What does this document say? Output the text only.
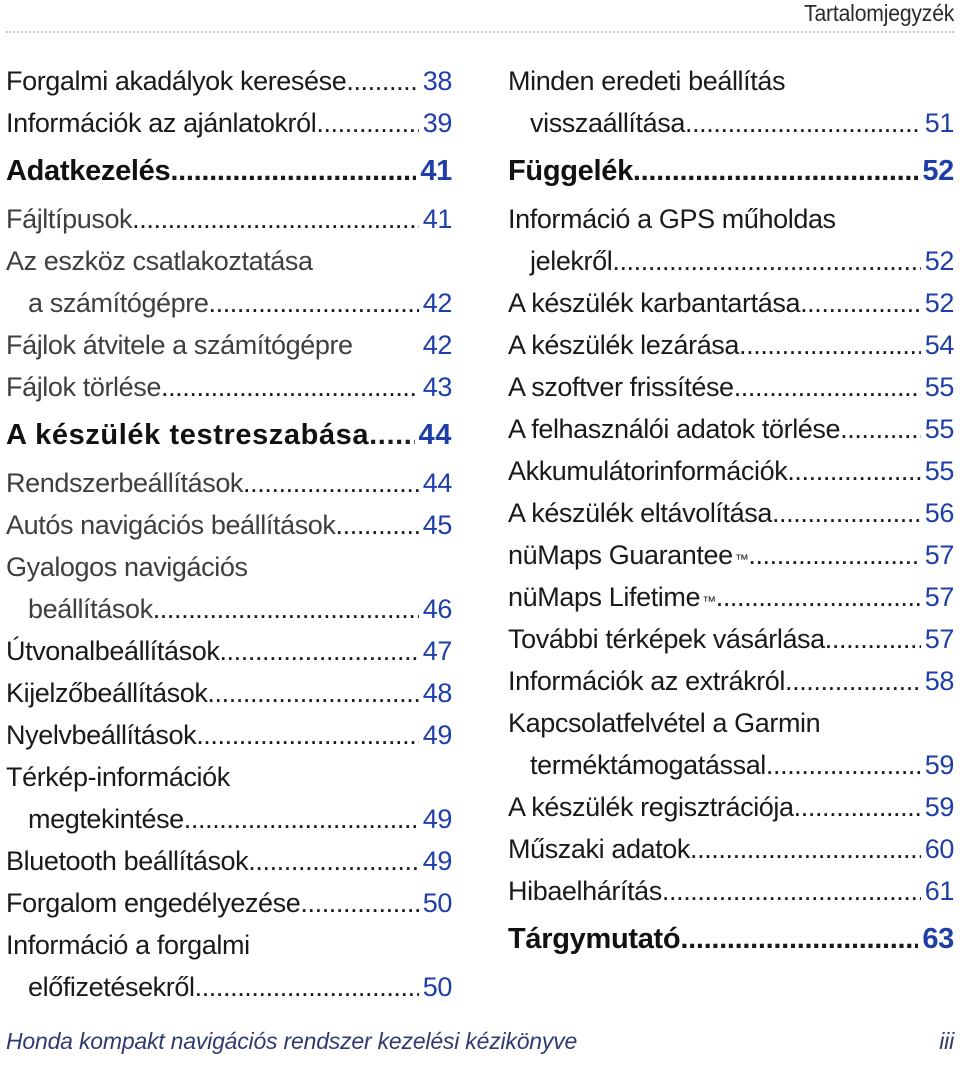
Tartalomjegyzék
Forgalmi akadályok keresése .....	38
Információk az ajánlatokról .....	39
Adatkezelés .....	41
Fájltípusok .....	41
Az eszköz csatlakoztatása
a számítógépre .....	42
Fájlok átvitele a számítógépre	42
Fájlok törlése .....	43
A készülék testreszabása ..... 44
Rendszerbeállítások .....	44
Autós navigációs beállítások .....	45
Gyalogos navigációs
beállítások .....	46
Útvonalbeállítások .....	47
Kijelzőbeállítások .....	48
Nyelvbeállítások .....	49
Térkép-információk
megtekintése .....	49
Bluetooth beállítások .....	49
Forgalom engedélyezése .....	50
Információ a forgalmi
előfizetésekről .....	50
Minden eredeti beállítás
visszaállítása .....	51
Függelék .....	52
Információ a GPS műholdas
jelekről .....	52
A készülék karbantartása .....	52
A készülék lezárása .....	54
A szoftver frissítése .....	55
A felhasználói adatok törlése .....	55
Akkumulátorinformációk .....	55
A készülék eltávolítása .....	56
nüMaps Guarantee ™ .....	57
nüMaps Lifetime ™ .....	57
További térképek vásárlása .....	57
Információk az extrákról .....	58
Kapcsolatfelvétel a Garmin
terméktámogatással .....	59
A készülék regisztrációja .....	59
Műszaki adatok .....	60
Hibaelhárítás .....	61
Tárgymutató .....	63
Honda kompakt navigációs rendszer kezelési kézikönyve	iii
